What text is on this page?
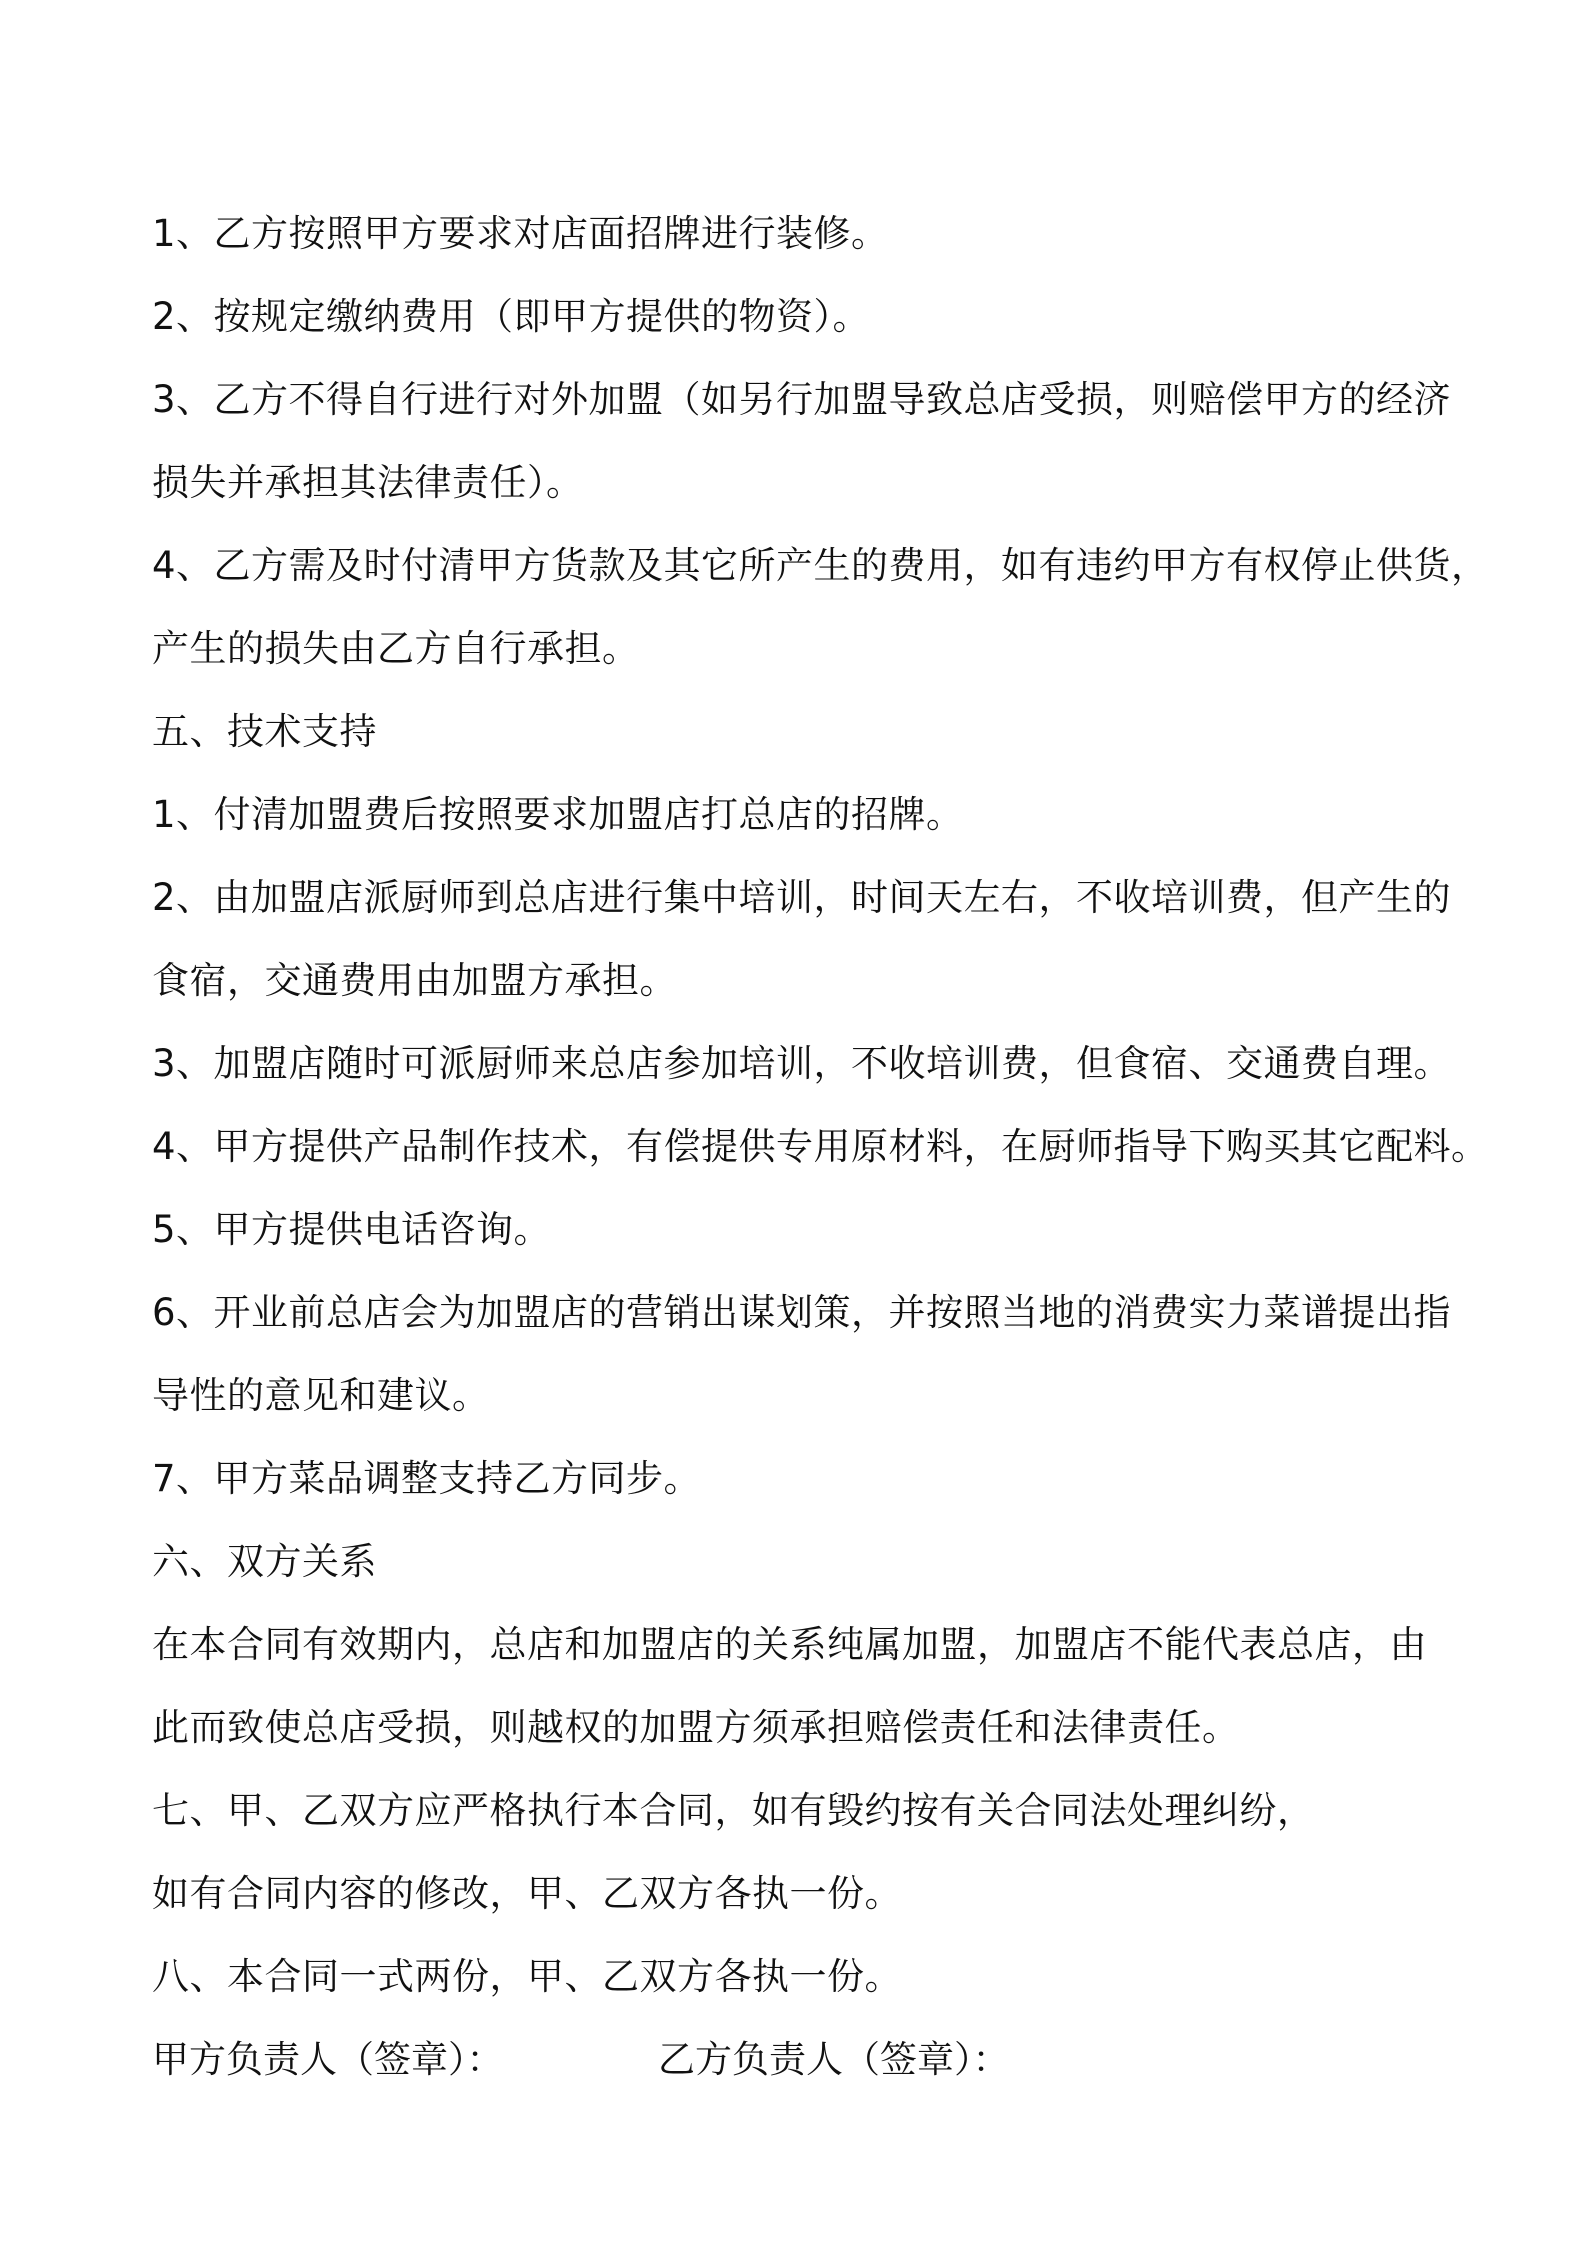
1、乙方按照甲方要求对店面招牌进行装修。
2、按规定缴纳费用（即甲方提供的物资）。
3、乙方不得自行进行对外加盟（如另行加盟导致总店受损，则赔偿甲方的经济
损失并承担其法律责任）。
4、乙方需及时付清甲方货款及其它所产生的费用，如有违约甲方有权停止供货，
产生的损失由乙方自行承担。
五、技术支持
1、付清加盟费后按照要求加盟店打总店的招牌。
2、由加盟店派厨师到总店进行集中培训，时间天左右，不收培训费，但产生的
食宿，交通费用由加盟方承担。
3、加盟店随时可派厨师来总店参加培训，不收培训费，但食宿、交通费自理。
4、甲方提供产品制作技术，有偿提供专用原材料，在厨师指导下购买其它配料。
5、甲方提供电话咨询。
6、开业前总店会为加盟店的营销出谋划策，并按照当地的消费实力菜谱提出指
导性的意见和建议。
7、甲方菜品调整支持乙方同步。
六、双方关系
在本合同有效期内，总店和加盟店的关系纯属加盟，加盟店不能代表总店，由
此而致使总店受损，则越权的加盟方须承担赔偿责任和法律责任。
七、甲、乙双方应严格执行本合同，如有毁约按有关合同法处理纠纷，
如有合同内容的修改，甲、乙双方各执一份。
八、本合同一式两份，甲、乙双方各执一份。
甲方负责人（签章）：	乙方负责人（签章）：
